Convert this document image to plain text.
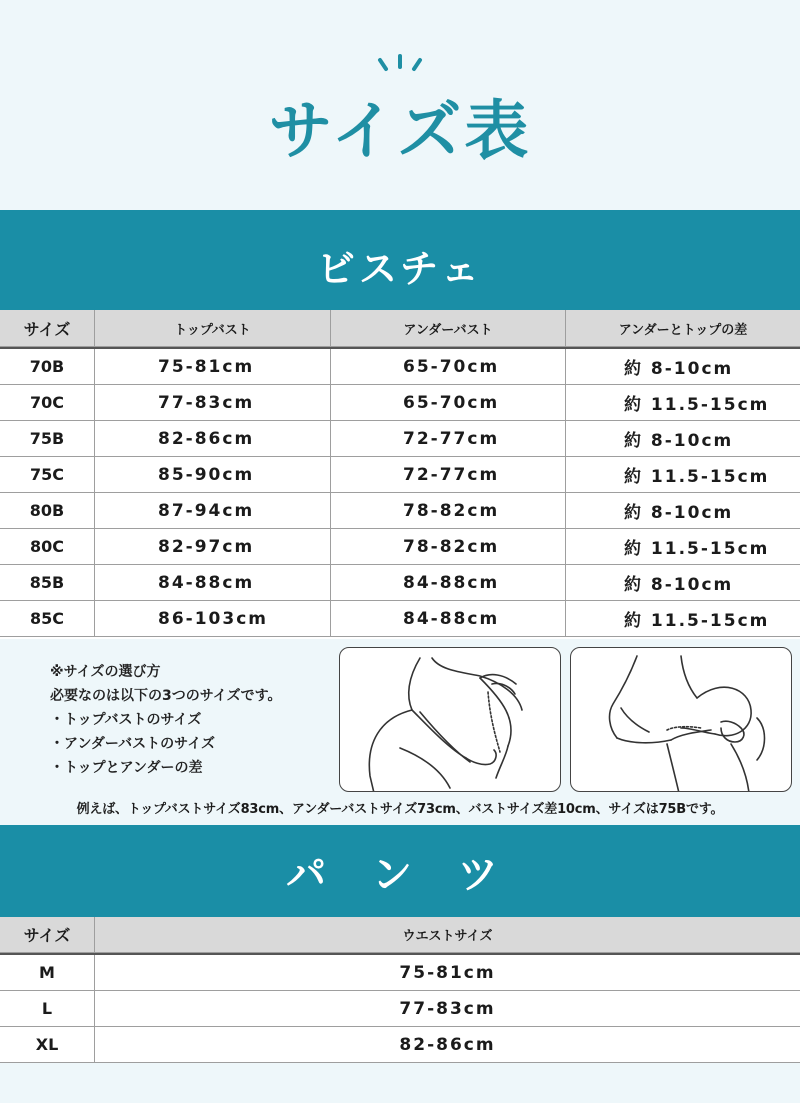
サイズ表
ビスチェ
サイズ	トップバスト	アンダーバスト	アンダーとトップの差
70B	75-81cm	65-70cm	約 8-10cm
70C	77-83cm	65-70cm	約 11.5-15cm
75B	82-86cm	72-77cm	約 8-10cm
75C	85-90cm	72-77cm	約 11.5-15cm
80B	87-94cm	78-82cm	約 8-10cm
80C	82-97cm	78-82cm	約 11.5-15cm
85B	84-88cm	84-88cm	約 8-10cm
85C	86-103cm	84-88cm	約 11.5-15cm
※サイズの選び方
必要なのは以下の3つのサイズです。
・トップバストのサイズ
・アンダーバストのサイズ
・トップとアンダーの差
例えば、トップバストサイズ83cm、アンダーバストサイズ73cm、バストサイズ差10cm、サイズは75Bです。
パ ン ツ
サイズ	ウエストサイズ
M	75-81cm
L	77-83cm
XL	82-86cm
